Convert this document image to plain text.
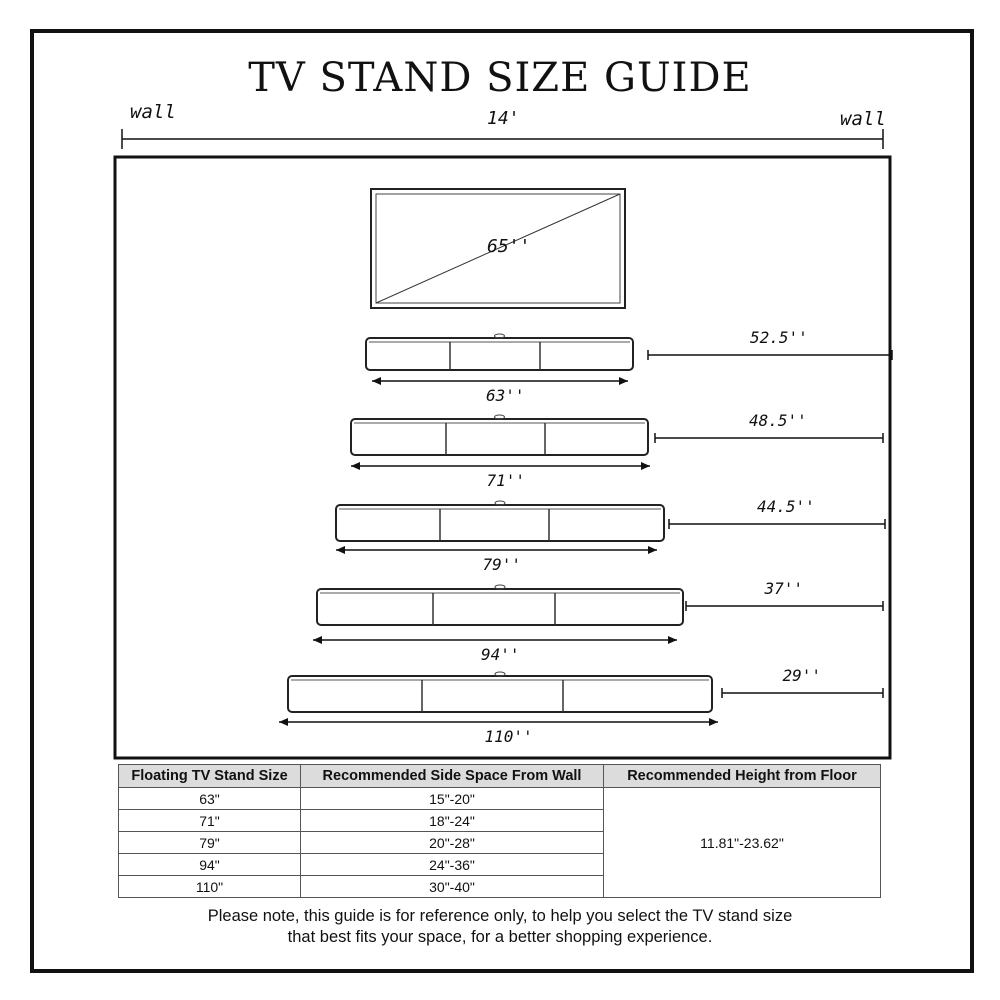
TV STAND SIZE GUIDE
wall	wall
14'
65''
63''
52.5''
71''
48.5''
79''
44.5''
94''
37''
110''
29''
Floating TV Stand Size	Recommended Side Space From Wall	Recommended Height from Floor
63"	15"-20"	11.81"-23.62"
71"	18"-24"	
79"	20"-28"	
94"	24"-36"	
110"	30"-40"	
Please note, this guide is for reference only, to help you select the TV stand size
that best fits your space, for a better shopping experience.
